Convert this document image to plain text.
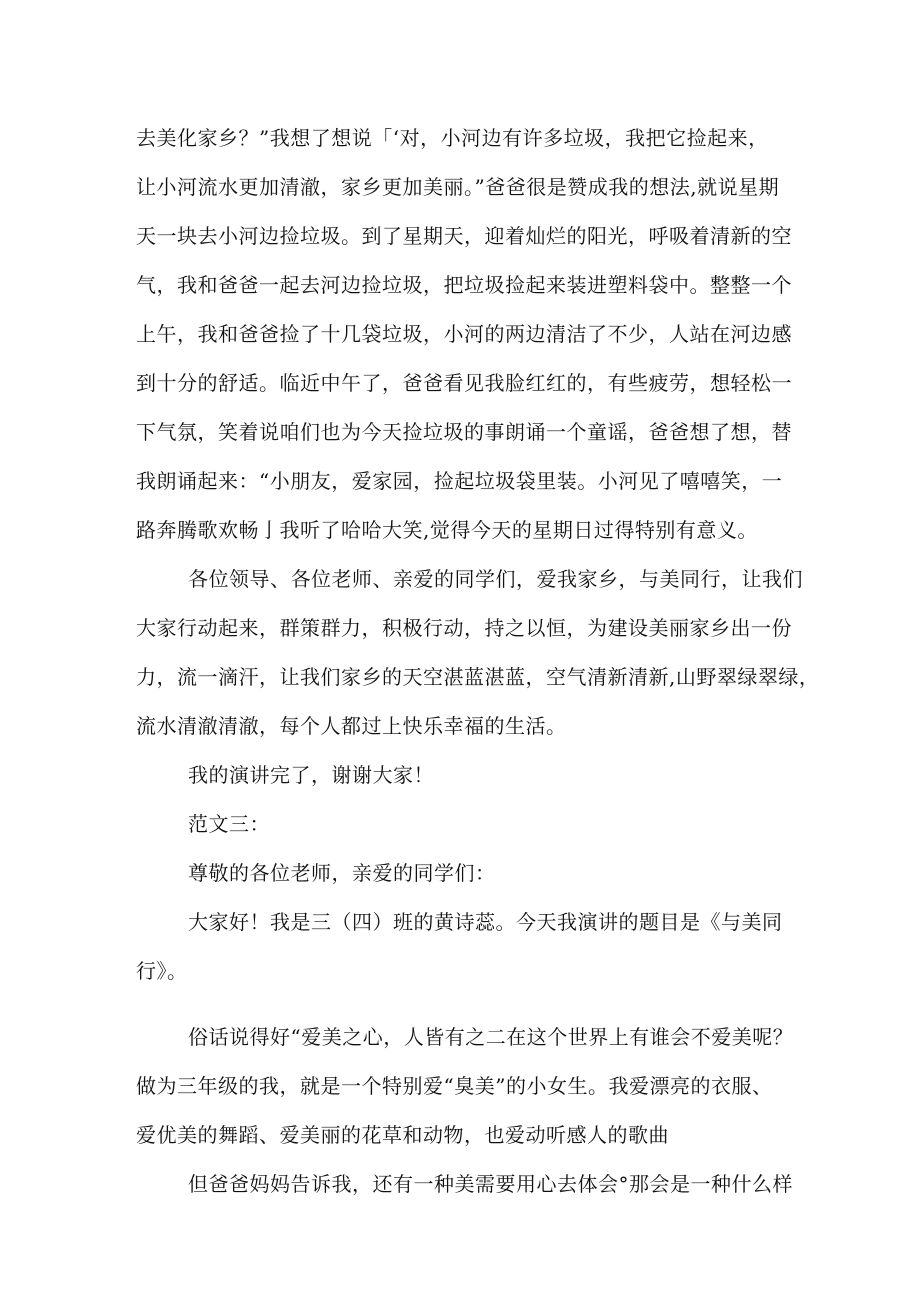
去美化家乡？”我想了想说「‘对，小河边有许多垃圾，我把它捡起来，
让小河流水更加清澈，家乡更加美丽。”爸爸很是赞成我的想法,就说星期
天一块去小河边捡垃圾。到了星期天，迎着灿烂的阳光，呼吸着清新的空
气，我和爸爸一起去河边捡垃圾，把垃圾捡起来装进塑料袋中。整整一个
上午，我和爸爸捡了十几袋垃圾，小河的两边清洁了不少，人站在河边感
到十分的舒适。临近中午了，爸爸看见我脸红红的，有些疲劳，想轻松一
下气氛，笑着说咱们也为今天捡垃圾的事朗诵一个童谣，爸爸想了想，替
我朗诵起来：“小朋友，爱家园，捡起垃圾袋里装。小河见了嘻嘻笑，一
路奔腾歌欢畅亅我听了哈哈大笑,觉得今天的星期日过得特别有意义。
各位领导、各位老师、亲爱的同学们，爱我家乡，与美同行，让我们
大家行动起来，群策群力，积极行动，持之以恒，为建设美丽家乡出一份
力，流一滴汗，让我们家乡的天空湛蓝湛蓝，空气清新清新,山野翠绿翠绿，
流水清澈清澈，每个人都过上快乐幸福的生活。
我的演讲完了，谢谢大家！
范文三：
尊敬的各位老师，亲爱的同学们：
大家好！我是三（四）班的黄诗蕊。今天我演讲的题目是《与美同
行》。
俗话说得好“爱美之心，人皆有之二在这个世界上有谁会不爱美呢？
做为三年级的我，就是一个特别爱“臭美”的小女生。我爱漂亮的衣服、
爱优美的舞蹈、爱美丽的花草和动物，也爱动听感人的歌曲
但爸爸妈妈告诉我，还有一种美需要用心去体会°那会是一种什么样
